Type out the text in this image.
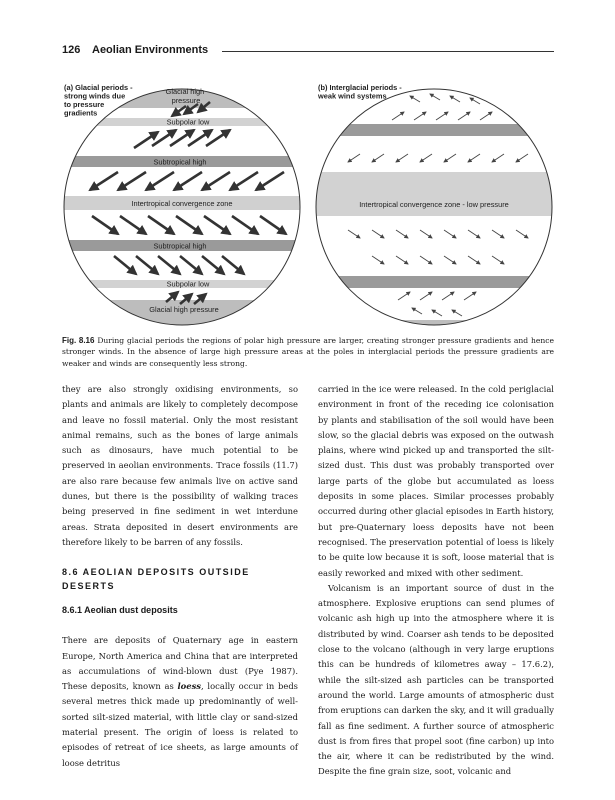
126 Aeolian Environments
(a) Glacial periods - strong winds due to pressure gradients
Glacial high pressure
Subpolar low
Subtropical high
Intertropical convergence zone
Subtropical high
Subpolar low
Glacial high pressure
(b) Interglacial periods - weak wind systems
Intertropical convergence zone - low pressure
Fig. 8.16 During glacial periods the regions of polar high pressure are larger, creating stronger pressure gradients and hence stronger winds. In the absence of large high pressure areas at the poles in interglacial periods the pressure gradients are weaker and winds are consequently less strong.

they are also strongly oxidising environments, so plants and animals are likely to completely decompose and leave no fossil material. Only the most resistant animal remains, such as the bones of large animals such as dinosaurs, have much potential to be preserved in aeolian environments. Trace fossils (11.7) are also rare because few animals live on active sand dunes, but there is the possibility of walking traces being preserved in fine sediment in wet interdune areas. Strata deposited in desert environments are therefore likely to be barren of any fossils.

8.6 AEOLIAN DEPOSITS OUTSIDE DESERTS
8.6.1 Aeolian dust deposits

There are deposits of Quaternary age in eastern Europe, North America and China that are interpreted as accumulations of wind-blown dust (Pye 1987). These deposits, known as loess, locally occur in beds several metres thick made up predominantly of well-sorted silt-sized material, with little clay or sand-sized material present. The origin of loess is related to episodes of retreat of ice sheets, as large amounts of loose detritus

carried in the ice were released. In the cold periglacial environment in front of the receding ice colonisation by plants and stabilisation of the soil would have been slow, so the glacial debris was exposed on the outwash plains, where wind picked up and transported the silt-sized dust. This dust was probably transported over large parts of the globe but accumulated as loess deposits in some places. Similar processes probably occurred during other glacial episodes in Earth history, but pre-Quaternary loess deposits have not been recognised. The preservation potential of loess is likely to be quite low because it is soft, loose material that is easily reworked and mixed with other sediment.

Volcanism is an important source of dust in the atmosphere. Explosive eruptions can send plumes of volcanic ash high up into the atmosphere where it is distributed by wind. Coarser ash tends to be deposited close to the volcano (although in very large eruptions this can be hundreds of kilometres away – 17.6.2), while the silt-sized ash particles can be transported around the world. Large amounts of atmospheric dust from eruptions can darken the sky, and it will gradually fall as fine sediment. A further source of atmospheric dust is from fires that propel soot (fine carbon) up into the air, where it can be redistributed by the wind. Despite the fine grain size, soot, volcanic and
